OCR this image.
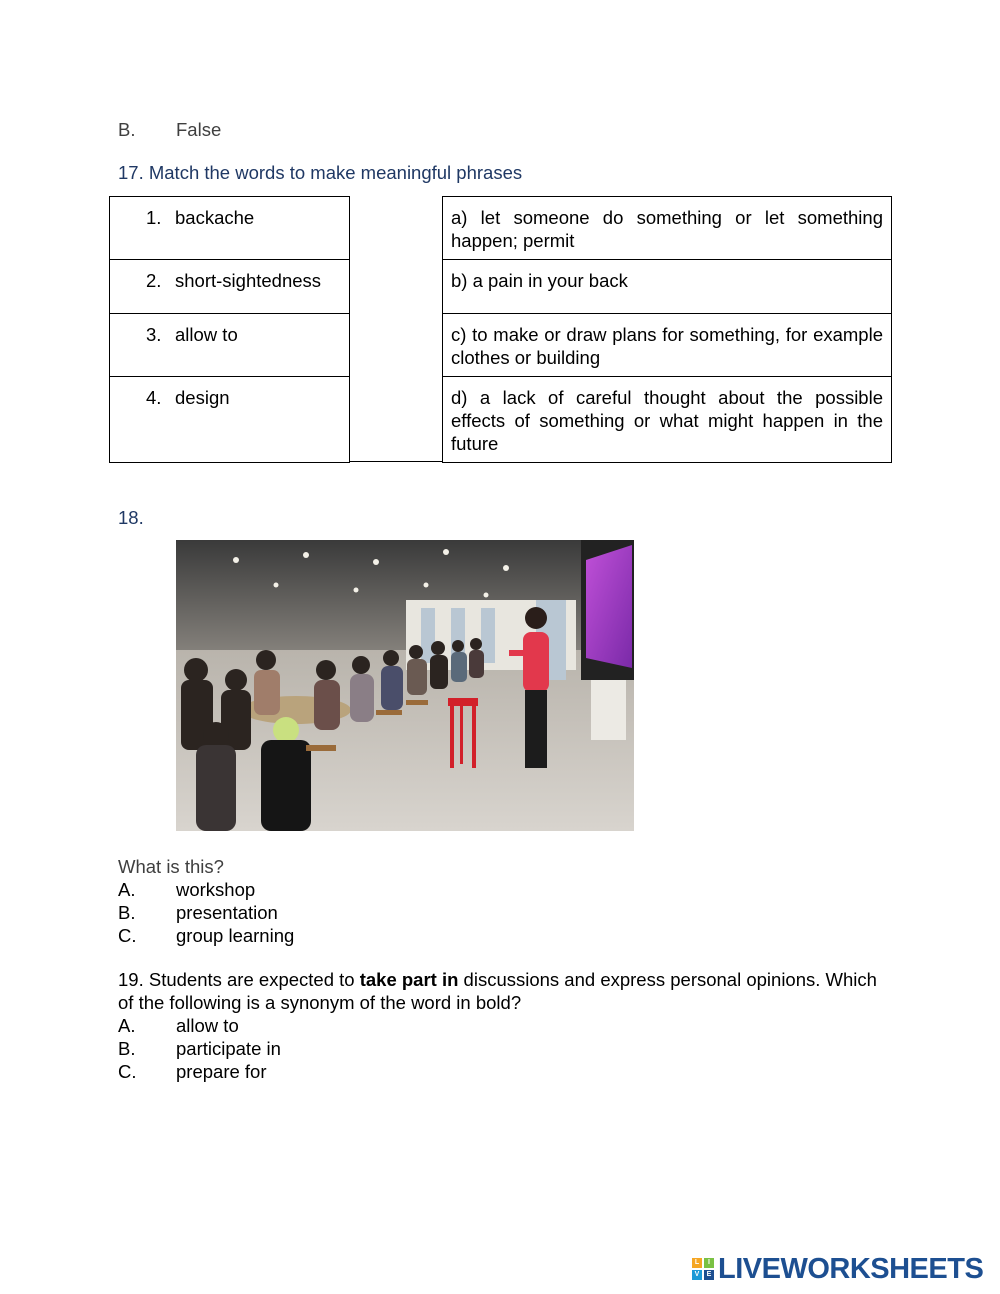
B. False
17. Match the words to make meaningful phrases
1. backache
2. short-sightedness
3. allow to
4. design
a) let someone do something or let something happen; permit
b) a pain in your back
c) to make or draw plans for something, for example clothes or building
d) a lack of careful thought about the possible effects of something or what might happen in the future
18.
What is this?
A. workshop
B. presentation
C. group learning
19. Students are expected to take part in discussions and express personal opinions. Which
of the following is a synonym of the word in bold?
A. allow to
B. participate in
C. prepare for
L	I
V	E LIVEWORKSHEETS
